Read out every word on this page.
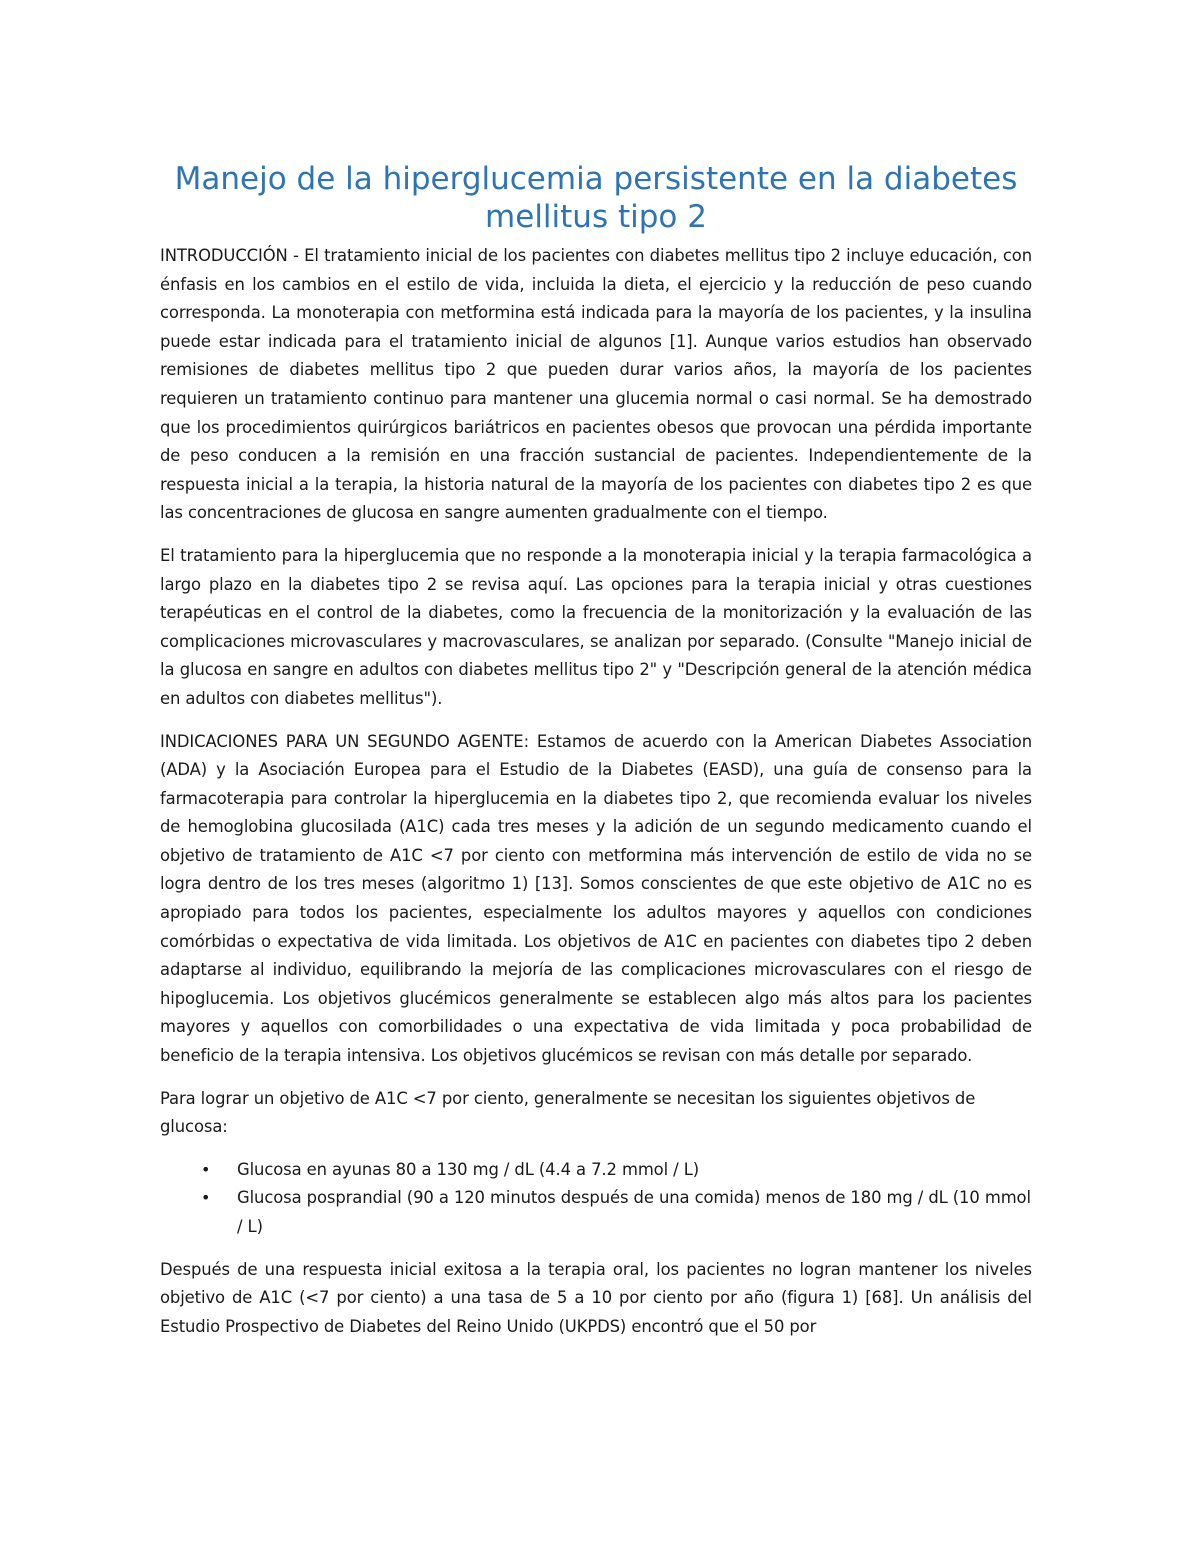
Manejo de la hiperglucemia persistente en la diabetes mellitus tipo 2

INTRODUCCIÓN - El tratamiento inicial de los pacientes con diabetes mellitus tipo 2 incluye educación, con énfasis en los cambios en el estilo de vida, incluida la dieta, el ejercicio y la reducción de peso cuando corresponda. La monoterapia con metformina está indicada para la mayoría de los pacientes, y la insulina puede estar indicada para el tratamiento inicial de algunos [1]. Aunque varios estudios han observado remisiones de diabetes mellitus tipo 2 que pueden durar varios años, la mayoría de los pacientes requieren un tratamiento continuo para mantener una glucemia normal o casi normal. Se ha demostrado que los procedimientos quirúrgicos bariátricos en pacientes obesos que provocan una pérdida importante de peso conducen a la remisión en una fracción sustancial de pacientes. Independientemente de la respuesta inicial a la terapia, la historia natural de la mayoría de los pacientes con diabetes tipo 2 es que las concentraciones de glucosa en sangre aumenten gradualmente con el tiempo.

El tratamiento para la hiperglucemia que no responde a la monoterapia inicial y la terapia farmacológica a largo plazo en la diabetes tipo 2 se revisa aquí. Las opciones para la terapia inicial y otras cuestiones terapéuticas en el control de la diabetes, como la frecuencia de la monitorización y la evaluación de las complicaciones microvasculares y macrovasculares, se analizan por separado. (Consulte "Manejo inicial de la glucosa en sangre en adultos con diabetes mellitus tipo 2" y "Descripción general de la atención médica en adultos con diabetes mellitus").

INDICACIONES PARA UN SEGUNDO AGENTE: Estamos de acuerdo con la American Diabetes Association (ADA) y la Asociación Europea para el Estudio de la Diabetes (EASD), una guía de consenso para la farmacoterapia para controlar la hiperglucemia en la diabetes tipo 2, que recomienda evaluar los niveles de hemoglobina glucosilada (A1C) cada tres meses y la adición de un segundo medicamento cuando el objetivo de tratamiento de A1C <7 por ciento con metformina más intervención de estilo de vida no se logra dentro de los tres meses (algoritmo 1) [13]. Somos conscientes de que este objetivo de A1C no es apropiado para todos los pacientes, especialmente los adultos mayores y aquellos con condiciones comórbidas o expectativa de vida limitada. Los objetivos de A1C en pacientes con diabetes tipo 2 deben adaptarse al individuo, equilibrando la mejoría de las complicaciones microvasculares con el riesgo de hipoglucemia. Los objetivos glucémicos generalmente se establecen algo más altos para los pacientes mayores y aquellos con comorbilidades o una expectativa de vida limitada y poca probabilidad de beneficio de la terapia intensiva. Los objetivos glucémicos se revisan con más detalle por separado.

Para lograr un objetivo de A1C <7 por ciento, generalmente se necesitan los siguientes objetivos de glucosa:

• Glucosa en ayunas 80 a 130 mg / dL (4.4 a 7.2 mmol / L)
• Glucosa posprandial (90 a 120 minutos después de una comida) menos de 180 mg / dL (10 mmol / L)

Después de una respuesta inicial exitosa a la terapia oral, los pacientes no logran mantener los niveles objetivo de A1C (<7 por ciento) a una tasa de 5 a 10 por ciento por año (figura 1) [68]. Un análisis del Estudio Prospectivo de Diabetes del Reino Unido (UKPDS) encontró que el 50 por
